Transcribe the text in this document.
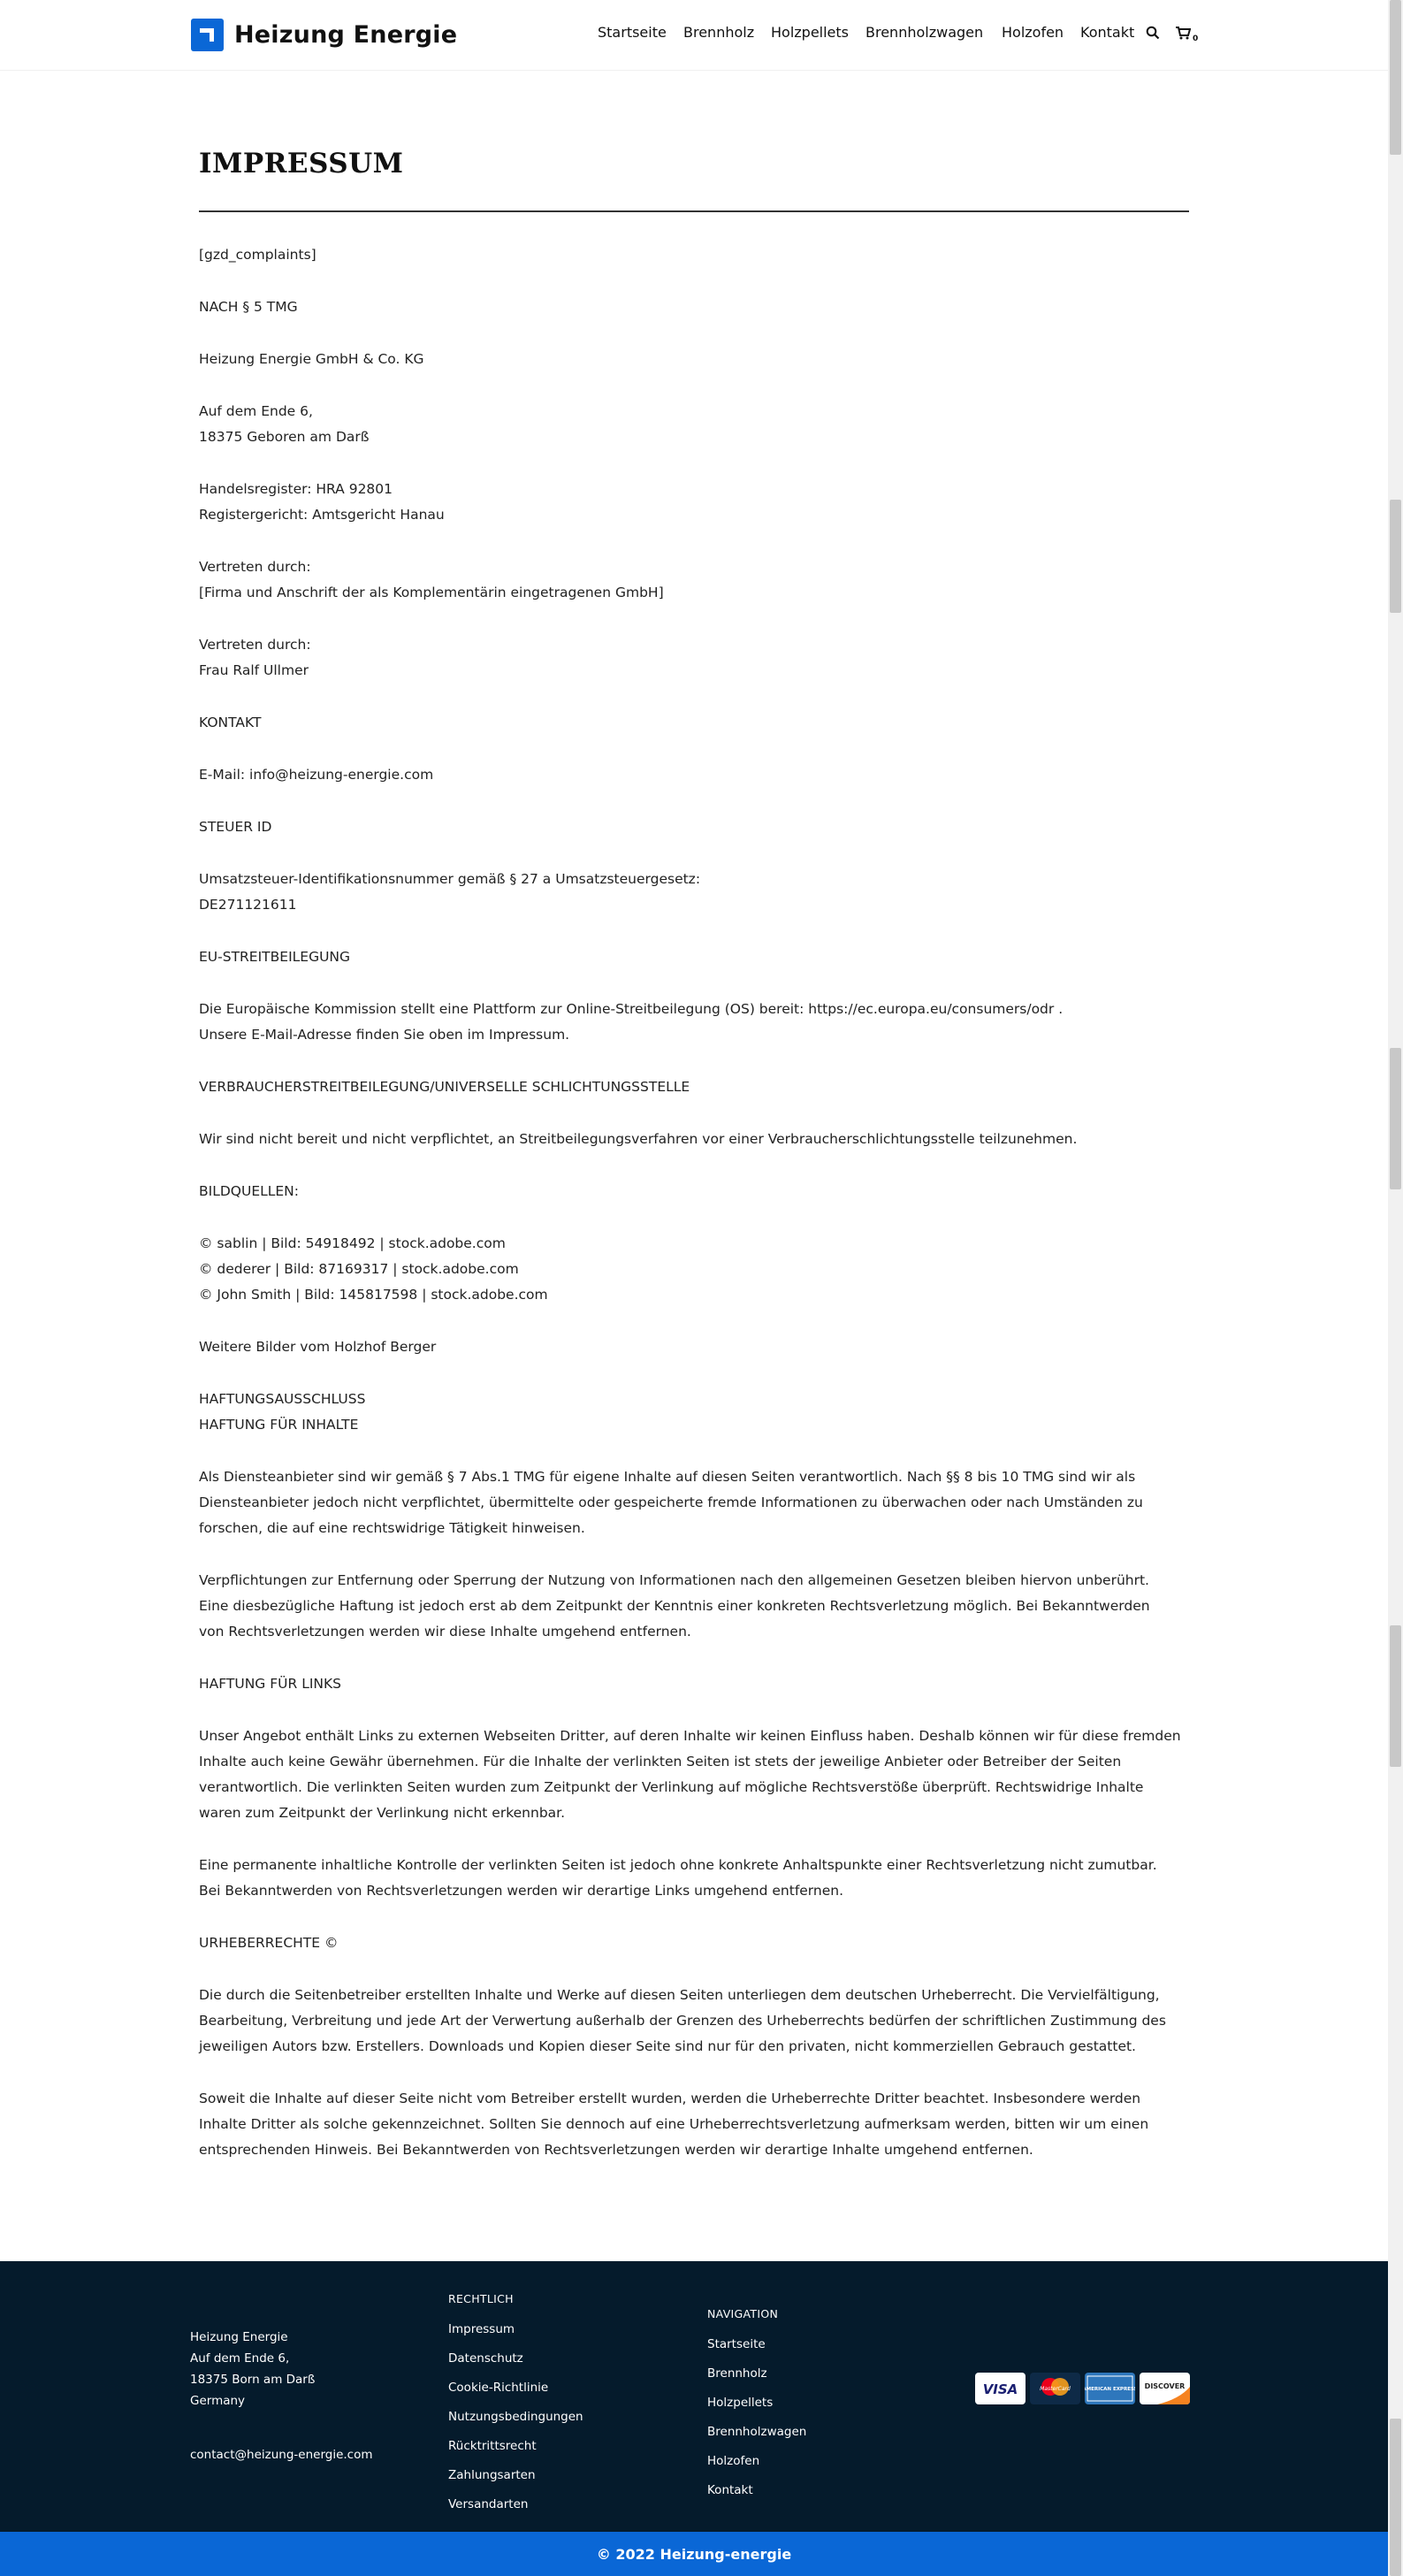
Heizung Energie	Startseite Brennholz Holzpellets Brennholzwagen Holzofen Kontakt	0
IMPRESSUM

[gzd_complaints]

NACH § 5 TMG

Heizung Energie GmbH & Co. KG

Auf dem Ende 6,

18375 Geboren am Darß

Handelsregister: HRA 92801

Registergericht: Amtsgericht Hanau

Vertreten durch:

[Firma und Anschrift der als Komplementärin eingetragenen GmbH]

Vertreten durch:

Frau Ralf Ullmer

KONTAKT

E-Mail: info@heizung-energie.com

STEUER ID

Umsatzsteuer-Identifikationsnummer gemäß § 27 a Umsatzsteuergesetz:

DE271121611

EU-STREITBEILEGUNG

Die Europäische Kommission stellt eine Plattform zur Online-Streitbeilegung (OS) bereit: https://ec.europa.eu/consumers/odr .

Unsere E-Mail-Adresse finden Sie oben im Impressum.

VERBRAUCHERSTREITBEILEGUNG/UNIVERSELLE SCHLICHTUNGSSTELLE

Wir sind nicht bereit und nicht verpflichtet, an Streitbeilegungsverfahren vor einer Verbraucherschlichtungsstelle teilzunehmen.

BILDQUELLEN:

© sablin | Bild: 54918492 | stock.adobe.com

© dederer | Bild: 87169317 | stock.adobe.com

© John Smith | Bild: 145817598 | stock.adobe.com

Weitere Bilder vom Holzhof Berger

HAFTUNGSAUSSCHLUSS

HAFTUNG FÜR INHALTE

Als Diensteanbieter sind wir gemäß § 7 Abs.1 TMG für eigene Inhalte auf diesen Seiten verantwortlich. Nach §§ 8 bis 10 TMG sind wir als

Diensteanbieter jedoch nicht verpflichtet, übermittelte oder gespeicherte fremde Informationen zu überwachen oder nach Umständen zu

forschen, die auf eine rechtswidrige Tätigkeit hinweisen.

Verpflichtungen zur Entfernung oder Sperrung der Nutzung von Informationen nach den allgemeinen Gesetzen bleiben hiervon unberührt.

Eine diesbezügliche Haftung ist jedoch erst ab dem Zeitpunkt der Kenntnis einer konkreten Rechtsverletzung möglich. Bei Bekanntwerden

von Rechtsverletzungen werden wir diese Inhalte umgehend entfernen.

HAFTUNG FÜR LINKS

Unser Angebot enthält Links zu externen Webseiten Dritter, auf deren Inhalte wir keinen Einfluss haben. Deshalb können wir für diese fremden

Inhalte auch keine Gewähr übernehmen. Für die Inhalte der verlinkten Seiten ist stets der jeweilige Anbieter oder Betreiber der Seiten

verantwortlich. Die verlinkten Seiten wurden zum Zeitpunkt der Verlinkung auf mögliche Rechtsverstöße überprüft. Rechtswidrige Inhalte

waren zum Zeitpunkt der Verlinkung nicht erkennbar.

Eine permanente inhaltliche Kontrolle der verlinkten Seiten ist jedoch ohne konkrete Anhaltspunkte einer Rechtsverletzung nicht zumutbar.

Bei Bekanntwerden von Rechtsverletzungen werden wir derartige Links umgehend entfernen.

URHEBERRECHTE ©

Die durch die Seitenbetreiber erstellten Inhalte und Werke auf diesen Seiten unterliegen dem deutschen Urheberrecht. Die Vervielfältigung,

Bearbeitung, Verbreitung und jede Art der Verwertung außerhalb der Grenzen des Urheberrechts bedürfen der schriftlichen Zustimmung des

jeweiligen Autors bzw. Erstellers. Downloads und Kopien dieser Seite sind nur für den privaten, nicht kommerziellen Gebrauch gestattet.

Soweit die Inhalte auf dieser Seite nicht vom Betreiber erstellt wurden, werden die Urheberrechte Dritter beachtet. Insbesondere werden

Inhalte Dritter als solche gekennzeichnet. Sollten Sie dennoch auf eine Urheberrechtsverletzung aufmerksam werden, bitten wir um einen

entsprechenden Hinweis. Bei Bekanntwerden von Rechtsverletzungen werden wir derartige Inhalte umgehend entfernen.

Heizung Energie

Auf dem Ende 6,

18375 Born am Darß

Germany

contact@heizung-energie.com

RECHTLICH

Impressum
Datenschutz
Cookie-Richtlinie
Nutzungsbedingungen
Rücktrittsrecht
Zahlungsarten
Versandarten

NAVIGATION

Startseite
Brennholz
Holzpellets
Brennholzwagen
Holzofen
Kontakt
VISA	MasterCard AMERICAN EXPRESS DISCOVER

© 2022 Heizung-energie
